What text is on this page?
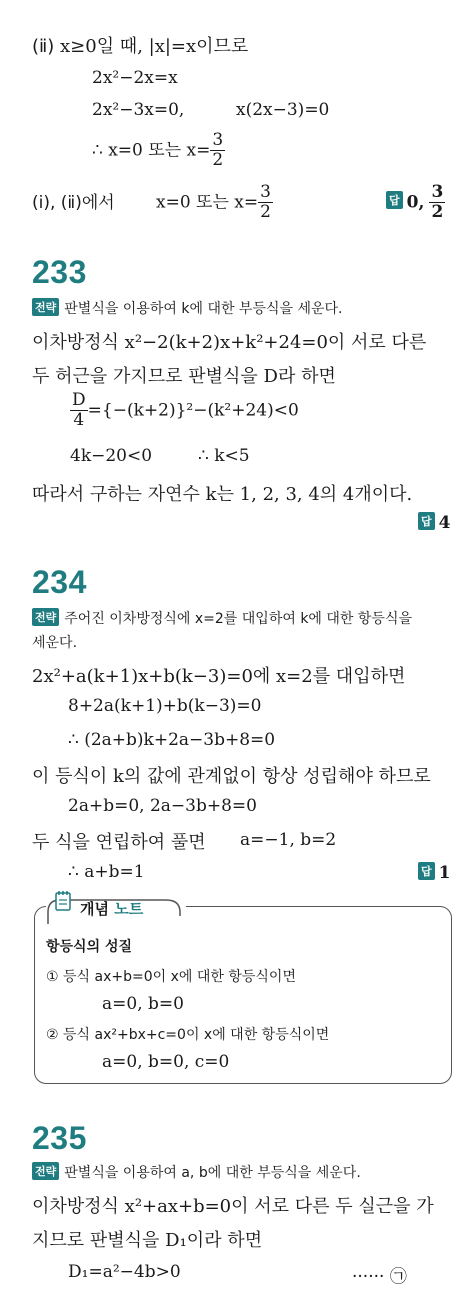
(ⅱ) x≥0일 때, |x|=x이므로
2x²−2x=x
2x²−3x=0,	x(2x−3)=0
∴ x=0 또는 $x= \frac{3}{2}$
(ⅰ), (ⅱ)에서 x=0 또는 $x= \frac{3}{2}$	답 0, $\frac{3}{2}$
233
전략 판별식을 이용하여 k에 대한 부등식을 세운다.
이차방정식 x²−2(k+2)x+k²+24=0이 서로 다른
두 허근을 가지므로 판별식을 D라 하면
$\frac{D}{4} =\{-(k+2)\}^2-(k^2+24)<0$
4k−20<0	∴ k<5
따라서 구하는 자연수 k는 1, 2, 3, 4의 4개이다.
답 4
234
전략 주어진 이차방정식에 x=2를 대입하여 k에 대한 항등식을
세운다.
2x²+a(k+1)x+b(k−3)=0에 x=2를 대입하면
8+2a(k+1)+b(k−3)=0
∴ (2a+b)k+2a−3b+8=0
이 등식이 k의 값에 관계없이 항상 성립해야 하므로
2a+b=0, 2a−3b+8=0
두 식을 연립하여 풀면 a=−1, b=2
∴ a+b=1	답 1
개념 노트
항등식의 성질
① 등식 ax+b=0이 x에 대한 항등식이면
a=0, b=0
② 등식 ax²+bx+c=0이 x에 대한 항등식이면
a=0, b=0, c=0
235
전략 판별식을 이용하여 a, b에 대한 부등식을 세운다.
이차방정식 x²+ax+b=0이 서로 다른 두 실근을 가
지므로 판별식을 D₁이라 하면
D₁=a²−4b>0	······ ㉠
